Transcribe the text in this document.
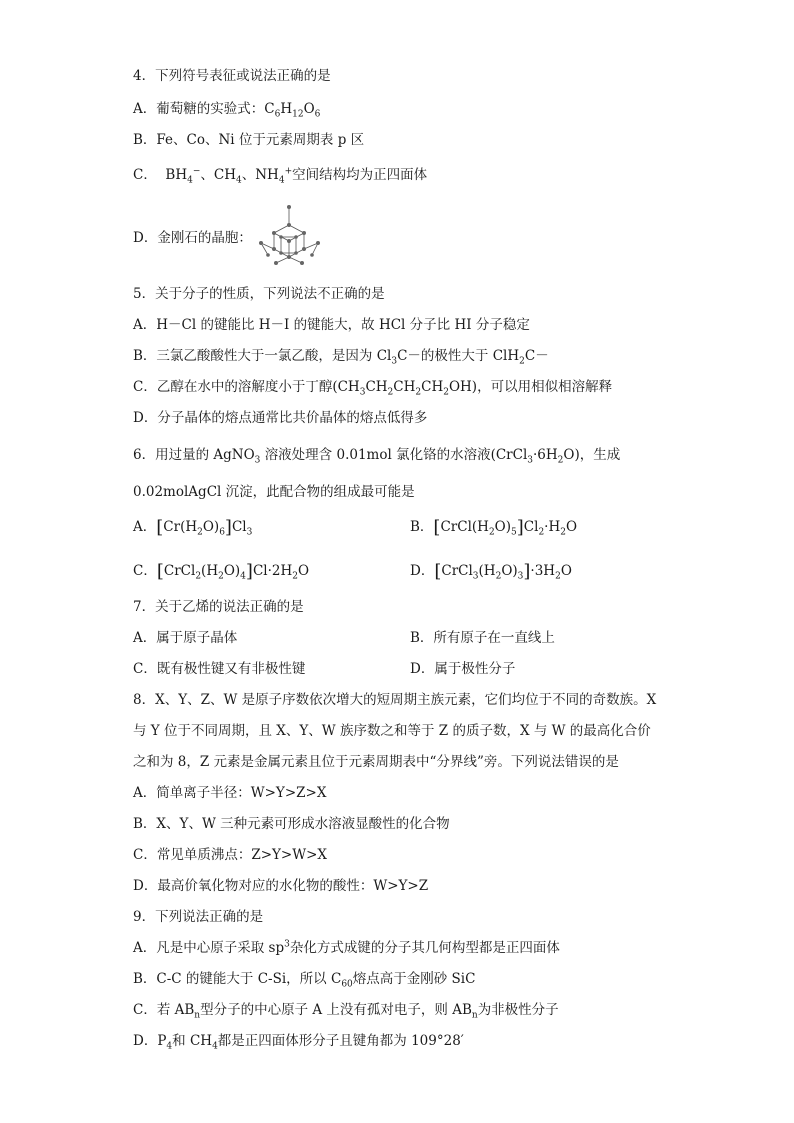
4．下列符号表征或说法正确的是
A．葡萄糖的实验式：$C_6H_{12}O_6$
B．Fe、Co、Ni 位于元素周期表 p 区
C．  $BH_4^-$、$CH_4$、$NH_4^+$空间结构均为正四面体
D．金刚石的晶胞：
5．关于分子的性质，下列说法不正确的是
A．H－Cl 的键能比 H－I 的键能大，故 HCl 分子比 HI 分子稳定
B．三氯乙酸酸性大于一氯乙酸，是因为 $Cl_3C-$的极性大于 ClH$_2$C－
C．乙醇在水中的溶解度小于丁醇$(CH_3CH_2CH_2CH_2OH)$，可以用相似相溶解释
D．分子晶体的熔点通常比共价晶体的熔点低得多
6．用过量的 AgNO$_3$ 溶液处理含 0.01mol 氯化铬的水溶液$(CrCl_3\cdot 6H_2O)$，生成
0.02molAgCl 沉淀，此配合物的组成最可能是
A．$[Cr(H_2O)_6]Cl_3$	B．$[CrCl(H_2O)_5]Cl_2\cdot H_2O$
C．$[CrCl_2(H_2O)_4]Cl\cdot 2H_2O$	D．$[CrCl_3(H_2O)_3]\cdot 3H_2O$
7．关于乙烯的说法正确的是
A．属于原子晶体	B．所有原子在一直线上
C．既有极性键又有非极性键	D．属于极性分子
8．X、Y、Z、W 是原子序数依次增大的短周期主族元素，它们均位于不同的奇数族。X
与 Y 位于不同周期，且 X、Y、W 族序数之和等于 Z 的质子数，X 与 W 的最高化合价
之和为 8，Z 元素是金属元素且位于元素周期表中“分界线”旁。下列说法错误的是
A．简单离子半径：W>Y>Z>X
B．X、Y、W 三种元素可形成水溶液显酸性的化合物
C．常见单质沸点：Z>Y>W>X
D．最高价氧化物对应的水化物的酸性：W>Y>Z
9．下列说法正确的是
A．凡是中心原子采取 $sp^3$杂化方式成键的分子其几何构型都是正四面体
B．C-C 的键能大于 C-Si，所以 $C_{60}$熔点高于金刚砂 SiC
C．若 $AB_n$型分子的中心原子 A 上没有孤对电子，则 $AB_n$为非极性分子
D．$P_4$和 $CH_4$都是正四面体形分子且键角都为 109°28′
